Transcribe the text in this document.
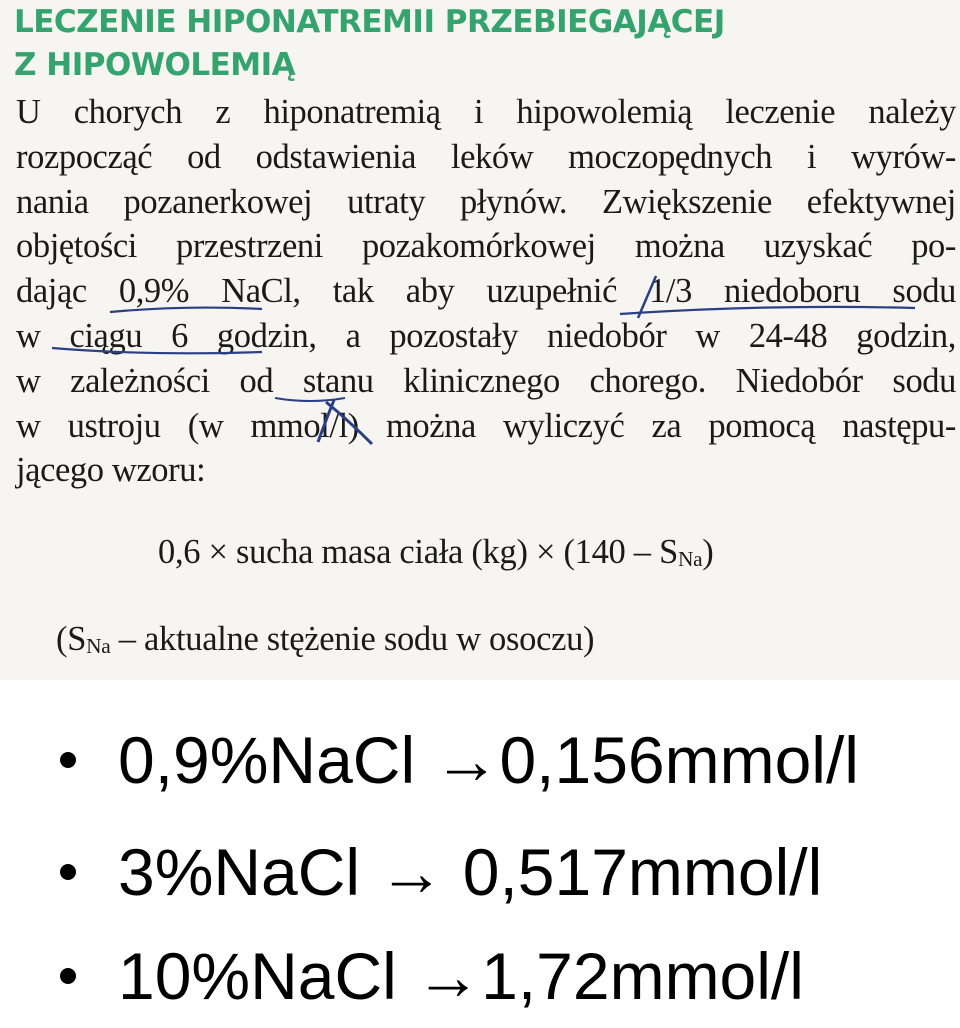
LECZENIE HIPONATREMII PRZEBIEGAJĄCEJ
Z HIPOWOLEMIĄ
U chorych z hiponatremią i hipowolemią leczenie należy
rozpocząć od odstawienia leków moczopędnych i wyrów-
nania pozanerkowej utraty płynów. Zwiększenie efektywnej
objętości przestrzeni pozakomórkowej można uzyskać po-
dając 0,9% NaCl, tak aby uzupełnić 1/3 niedoboru sodu
w ciągu 6 godzin, a pozostały niedobór w 24-48 godzin,
w zależności od stanu klinicznego chorego. Niedobór sodu
w ustroju (w mmol/l) można wyliczyć za pomocą następu-
jącego wzoru:
0,6 × sucha masa ciała (kg) × (140 – SNa)
(SNa – aktualne stężenie sodu w osoczu)
0,9%NaCl →0,156mmol/l
3%NaCl → 0,517mmol/l
10%NaCl →1,72mmol/l
